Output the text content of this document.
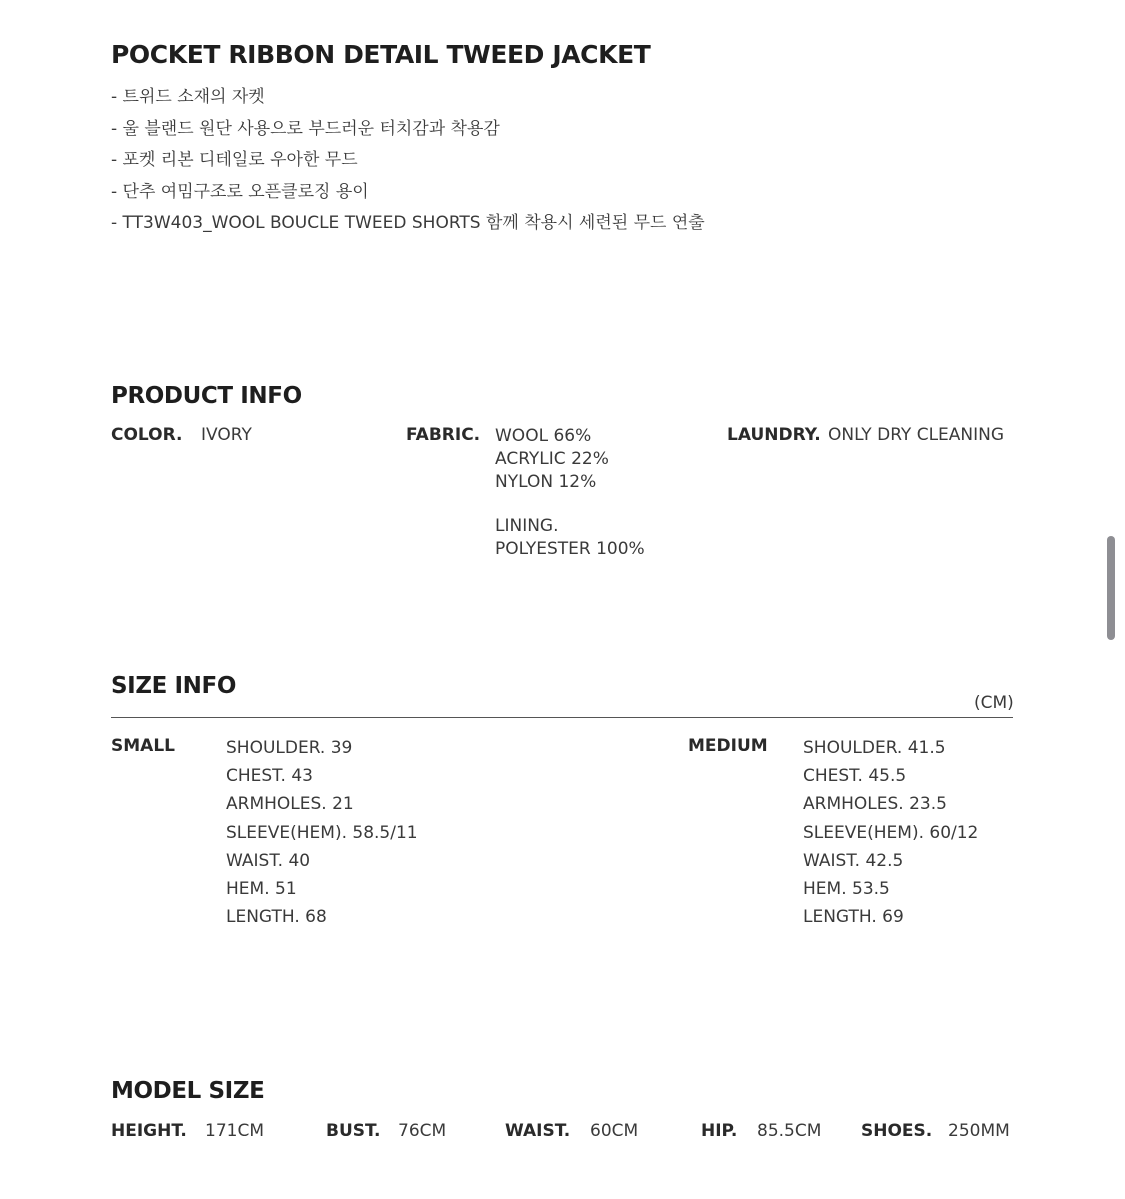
POCKET RIBBON DETAIL TWEED JACKET
- 트위드 소재의 자켓
- 울 블랜드 원단 사용으로 부드러운 터치감과 착용감
- 포켓 리본 디테일로 우아한 무드
- 단추 여밈구조로 오픈클로징 용이
- TT3W403_WOOL BOUCLE TWEED SHORTS 함께 착용시 세련된 무드 연출
PRODUCT INFO
COLOR. IVORY	FABRIC. WOOL 66%
ACRYLIC 22%
NYLON 12%
LINING.
POLYESTER 100%
LAUNDRY. ONLY DRY CLEANING
SIZE INFO
(CM)
SMALL	SHOULDER. 39
CHEST. 43
ARMHOLES. 21
SLEEVE(HEM). 58.5/11
WAIST. 40
HEM. 51
LENGTH. 68
MEDIUM SHOULDER. 41.5
CHEST. 45.5
ARMHOLES. 23.5
SLEEVE(HEM). 60/12
WAIST. 42.5
HEM. 53.5
LENGTH. 69
MODEL SIZE
HEIGHT. 171CM	BUST. 76CM	WAIST. 60CM	HIP. 85.5CM SHOES. 250MM
